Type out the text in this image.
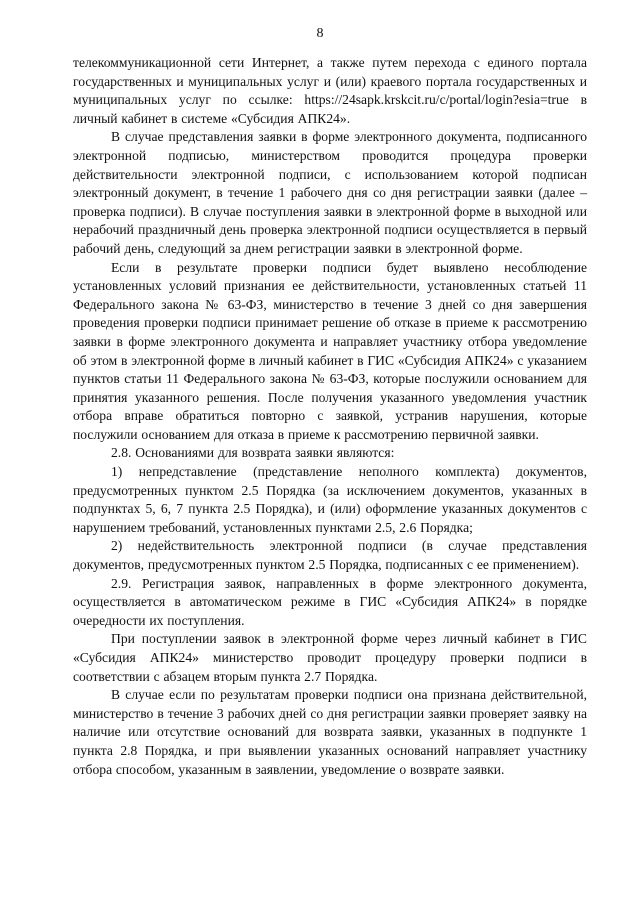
8

телекоммуникационной сети Интернет, а также путем перехода с единого портала государственных и муниципальных услуг и (или) краевого портала государственных и муниципальных услуг по ссылке: https://24sapk.krskcit.ru/c/portal/login?esia=true в личный кабинет в системе «Субсидия АПК24».

В случае представления заявки в форме электронного документа, подписанного электронной подписью, министерством проводится процедура проверки действительности электронной подписи, с использованием которой подписан электронный документ, в течение 1 рабочего дня со дня регистрации заявки (далее – проверка подписи). В случае поступления заявки в электронной форме в выходной или нерабочий праздничный день проверка электронной подписи осуществляется в первый рабочий день, следующий за днем регистрации заявки в электронной форме.

Если в результате проверки подписи будет выявлено несоблюдение установленных условий признания ее действительности, установленных статьей 11 Федерального закона № 63-ФЗ, министерство в течение 3 дней со дня завершения проведения проверки подписи принимает решение об отказе в приеме к рассмотрению заявки в форме электронного документа и направляет участнику отбора уведомление об этом в электронной форме в личный кабинет в ГИС «Субсидия АПК24» с указанием пунктов статьи 11 Федерального закона № 63-ФЗ, которые послужили основанием для принятия указанного решения. После получения указанного уведомления участник отбора вправе обратиться повторно с заявкой, устранив нарушения, которые послужили основанием для отказа в приеме к рассмотрению первичной заявки.

2.8. Основаниями для возврата заявки являются:

1) непредставление (представление неполного комплекта) документов, предусмотренных пунктом 2.5 Порядка (за исключением документов, указанных в подпунктах 5, 6, 7 пункта 2.5 Порядка), и (или) оформление указанных документов с нарушением требований, установленных пунктами 2.5, 2.6 Порядка;

2) недействительность электронной подписи (в случае представления документов, предусмотренных пунктом 2.5 Порядка, подписанных с ее применением).

2.9. Регистрация заявок, направленных в форме электронного документа, осуществляется в автоматическом режиме в ГИС «Субсидия АПК24» в порядке очередности их поступления.

При поступлении заявок в электронной форме через личный кабинет в ГИС «Субсидия АПК24» министерство проводит процедуру проверки подписи в соответствии с абзацем вторым пункта 2.7 Порядка.

В случае если по результатам проверки подписи она признана действительной, министерство в течение 3 рабочих дней со дня регистрации заявки проверяет заявку на наличие или отсутствие оснований для возврата заявки, указанных в подпункте 1 пункта 2.8 Порядка, и при выявлении указанных оснований направляет участнику отбора способом, указанным в заявлении, уведомление о возврате заявки.
